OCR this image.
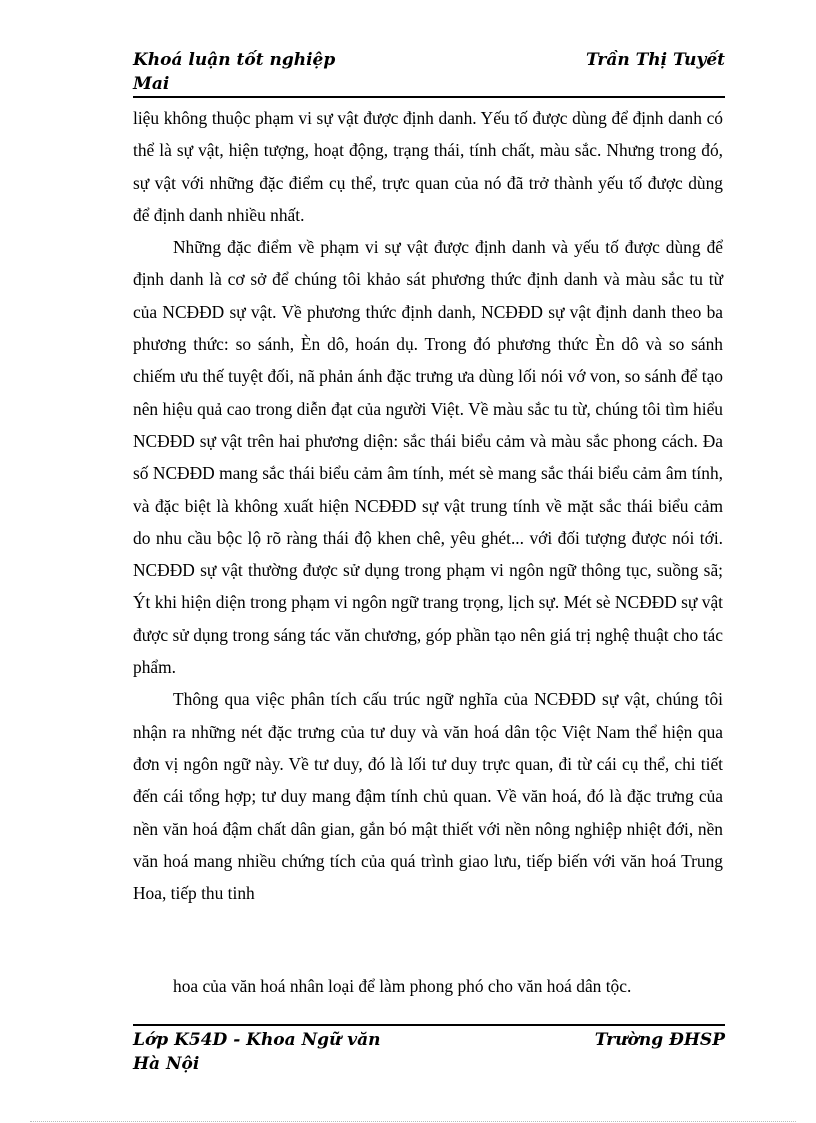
Khoá luận tốt nghiệp	Trần Thị Tuyết
Mai

liệu không thuộc phạm vi sự vật được định danh. Yếu tố được dùng để định danh có thể là sự vật, hiện tượng, hoạt động, trạng thái, tính chất, màu sắc. Nhưng trong đó, sự vật với những đặc điểm cụ thể, trực quan của nó đã trở thành yếu tố được dùng để định danh nhiều nhất.

Những đặc điểm về phạm vi sự vật được định danh và yếu tố được dùng để định danh là cơ sở để chúng tôi khảo sát phương thức định danh và màu sắc tu từ của NCĐĐD sự vật. Về phương thức định danh, NCĐĐD sự vật định danh theo ba phương thức: so sánh, Èn dô, hoán dụ. Trong đó phương thức Èn dô và so sánh chiếm ưu thế tuyệt đối, nã phản ánh đặc trưng ưa dùng lối nói vớ von, so sánh để tạo nên hiệu quả cao trong diễn đạt của người Việt. Về màu sắc tu từ, chúng tôi tìm hiểu NCĐĐD sự vật trên hai phương diện: sắc thái biểu cảm và màu sắc phong cách. Đa số NCĐĐD mang sắc thái biểu cảm âm tính, mét sè mang sắc thái biểu cảm âm tính, và đặc biệt là không xuất hiện NCĐĐD sự vật trung tính về mặt sắc thái biểu cảm do nhu cầu bộc lộ rõ ràng thái độ khen chê, yêu ghét... với đối tượng được nói tới. NCĐĐD sự vật thường được sử dụng trong phạm vi ngôn ngữ thông tục, suồng sã; Ýt khi hiện diện trong phạm vi ngôn ngữ trang trọng, lịch sự. Mét sè NCĐĐD sự vật được sử dụng trong sáng tác văn chương, góp phần tạo nên giá trị nghệ thuật cho tác phẩm.

Thông qua việc phân tích cấu trúc ngữ nghĩa của NCĐĐD sự vật, chúng tôi nhận ra những nét đặc trưng của tư duy và văn hoá dân tộc Việt Nam thể hiện qua đơn vị ngôn ngữ này. Về tư duy, đó là lối tư duy trực quan, đi từ cái cụ thể, chi tiết đến cái tổng hợp; tư duy mang đậm tính chủ quan. Về văn hoá, đó là đặc trưng của nền văn hoá đậm chất dân gian, gắn bó mật thiết với nền nông nghiệp nhiệt đới, nền văn hoá mang nhiều chứng tích của quá trình giao lưu, tiếp biến với văn hoá Trung Hoa, tiếp thu tinh

hoa của văn hoá nhân loại để làm phong phó cho văn hoá dân tộc.
Lớp K54D - Khoa Ngữ văn	Trường ĐHSP
Hà Nội
